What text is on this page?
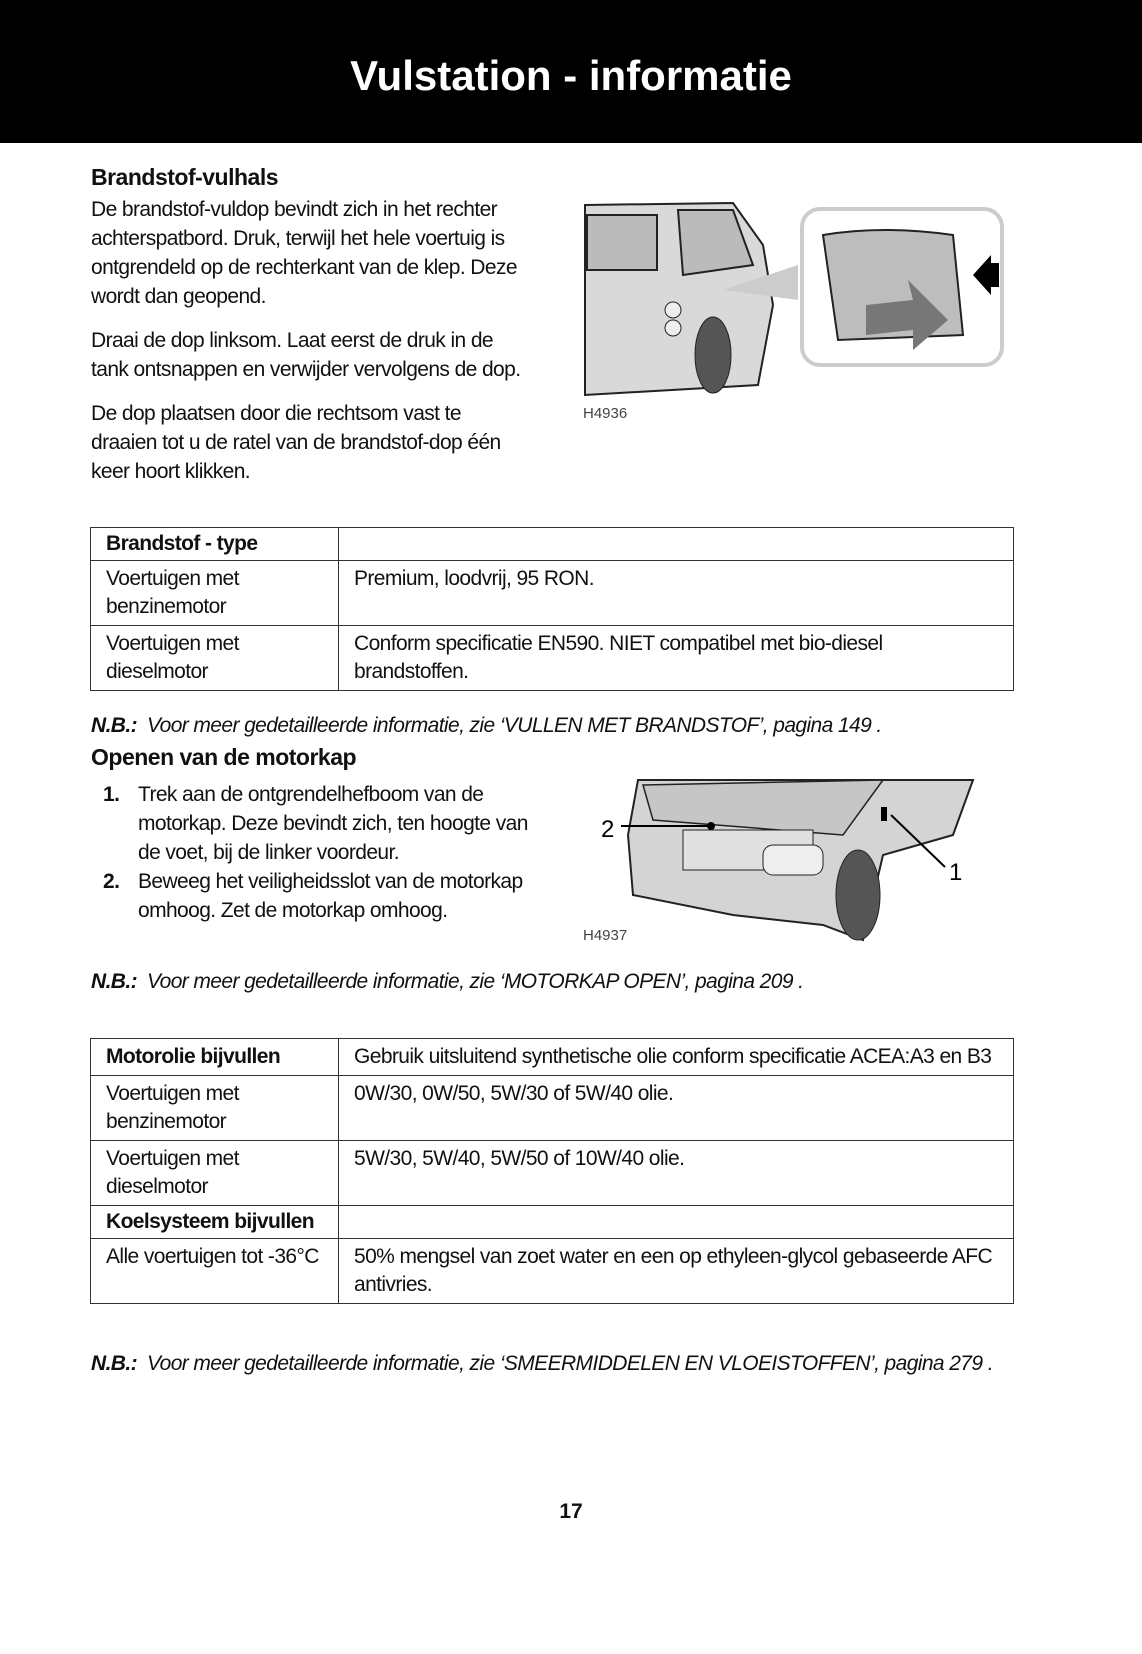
Vulstation - informatie
Brandstof-vulhals

De brandstof-vuldop bevindt zich in het rechter achterspatbord. Druk, terwijl het hele voertuig is ontgrendeld op de rechterkant van de klep. Deze wordt dan geopend.

Draai de dop linksom. Laat eerst de druk in de tank ontsnappen en verwijder vervolgens de dop.

De dop plaatsen door die rechtsom vast te draaien tot u de ratel van de brandstof-dop één keer hoort klikken.

H4936
Brandstof - type	
Voertuigen met benzinemotor	Premium, loodvrij, 95 RON.
Voertuigen met dieselmotor	Conform specificatie EN590. NIET compatibel met bio-diesel brandstoffen.
N.B.: Voor meer gedetailleerde informatie, zie ‘VULLEN MET BRANDSTOF’, pagina 149 .
Openen van de motorkap
1. Trek aan de ontgrendelhefboom van de motorkap. Deze bevindt zich, ten hoogte van de voet, bij de linker voordeur.
2. Beweeg het veiligheidsslot van de motorkap omhoog. Zet de motorkap omhoog.
2
1
H4937
N.B.: Voor meer gedetailleerde informatie, zie ‘MOTORKAP OPEN’, pagina 209 .
Motorolie bijvullen	Gebruik uitsluitend synthetische olie conform specificatie ACEA:A3 en B3
Voertuigen met benzinemotor	0W/30, 0W/50, 5W/30 of 5W/40 olie.
Voertuigen met dieselmotor	5W/30, 5W/40, 5W/50 of 10W/40 olie.
Koelsysteem bijvullen	
Alle voertuigen tot -36°C	50% mengsel van zoet water en een op ethyleen-glycol gebaseerde AFC antivries.
N.B.: Voor meer gedetailleerde informatie, zie ‘SMEERMIDDELEN EN VLOEISTOFFEN’, pagina 279 .
17
